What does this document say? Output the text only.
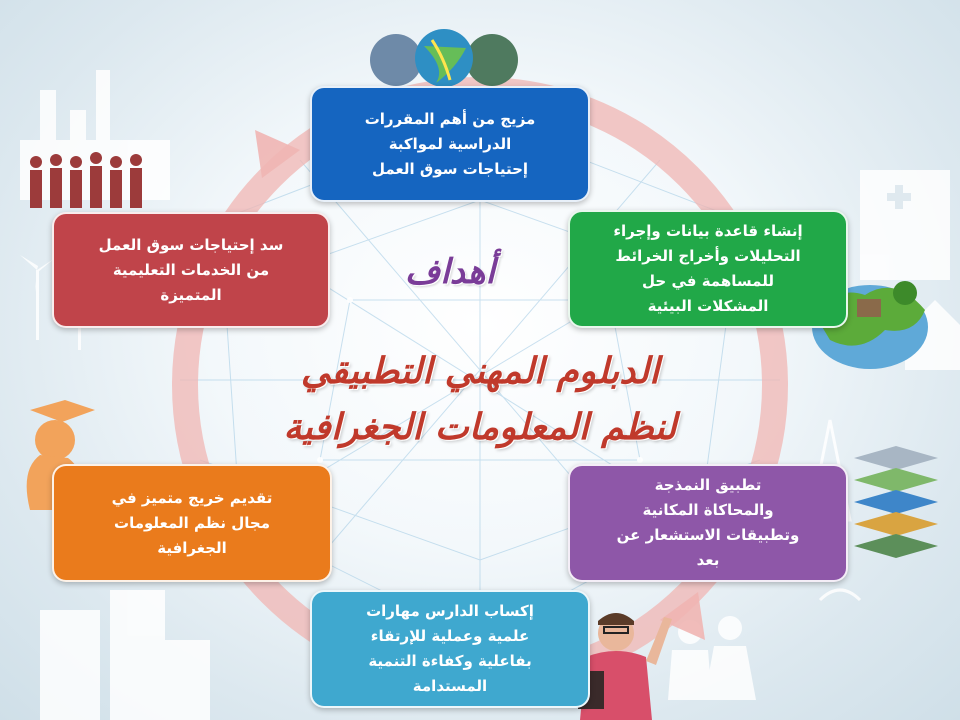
أهداف
الدبلوم المهني التطبيقي
لنظم المعلومات الجغرافية
مزيج من أهم المقررات
الدراسية لمواكبة
إحتياجات سوق العمل
سد إحتياجات سوق العمل
من الخدمات التعليمية
المتميزة
إنشاء قاعدة بيانات وإجراء
التحليلات وأخراج الخرائط
للمساهمة في حل
المشكلات البيئية
تقديم خريج متميز في
مجال نظم المعلومات
الجغرافية
تطبيق النمذجة
والمحاكاة المكانية
وتطبيقات الاستشعار عن
بعد
إكساب الدارس مهارات
علمية وعملية للإرتقاء
بفاعلية وكفاءة التنمية
المستدامة
